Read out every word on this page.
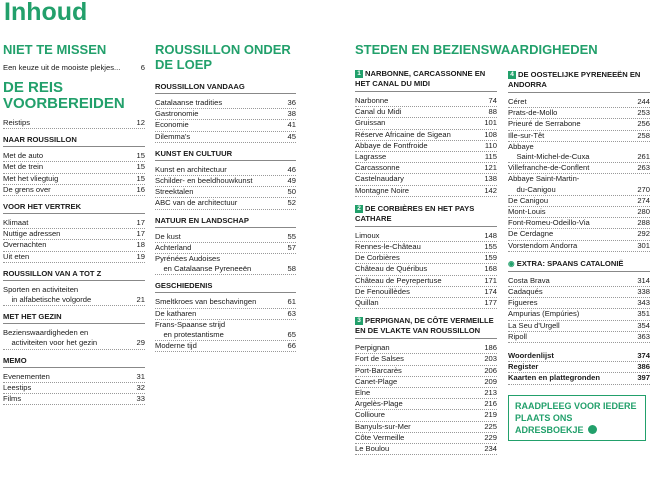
Inhoud
NIET TE MISSEN
Een keuze uit de mooiste plekjes...	6
DE REIS VOORBEREIDEN
Reistips	12
NAAR ROUSSILLON
Met de auto	15
Met de trein	15
Met het vliegtuig	15
De grens over	16
VOOR HET VERTREK
Klimaat	17
Nuttige adressen	17
Overnachten	18
Uit eten	19
ROUSSILLON VAN A TOT Z
Sporten en activiteiten
in alfabetische volgorde	21
MET HET GEZIN
Bezienswaardigheden en
activiteiten voor het gezin	29
MEMO
Evenementen	31
Leestips	32
Films	33
ROUSSILLON ONDER DE LOEP
ROUSSILLON VANDAAG
Catalaanse tradities	36
Gastronomie	38
Economie	41
Dilemma's	45
KUNST EN CULTUUR
Kunst en architectuur	46
Schilder- en beeldhouwkunst	49
Streektalen	50
ABC van de architectuur	52
NATUUR EN LANDSCHAP
De kust	55
Achterland	57
Pyrénées Audoises
en Catalaanse Pyreneeën	58
GESCHIEDENIS
Smeltkroes van beschavingen	61
De katharen	63
Frans-Spaanse strijd
en protestantisme	65
Moderne tijd	66
STEDEN EN BEZIENSWAARDIGHEDEN
1 NARBONNE, CARCASSONNE EN HET CANAL DU MIDI
Narbonne	74
Canal du Midi	88
Gruissan	101
Réserve Africaine de Sigean	108
Abbaye de Fontfroide	110
Lagrasse	115
Carcassonne	121
Castelnaudary	138
Montagne Noire	142
2 DE CORBIÈRES EN HET PAYS CATHARE
Limoux	148
Rennes-le-Château	155
De Corbières	159
Château de Quéribus	168
Château de Peyrepertuse	171
De Fenouillèdes	174
Quillan	177
3 PERPIGNAN, DE CÔTE VERMEILLE EN DE VLAKTE VAN ROUSSILLON
Perpignan	186
Fort de Salses	203
Port-Barcarès	206
Canet-Plage	209
Elne	213
Argelès-Plage	216
Collioure	219
Banyuls-sur-Mer	225
Côte Vermeille	229
Le Boulou	234
4 DE OOSTELIJKE PYRENEEËN EN ANDORRA
Céret	244
Prats-de-Mollo	253
Prieuré de Serrabone	256
Ille-sur-Têt	258
Abbaye
Saint-Michel-de-Cuxa	261
Villefranche-de-Conflent	263
Abbaye Saint-Martin-
du-Canigou	270
De Canigou	274
Mont-Louis	280
Font-Romeu-Odeillo-Via	288
De Cerdagne	292
Vorstendom Andorra	301
◉ EXTRA: SPAANS CATALONIË
Costa Brava	314
Cadaqués	338
Figueres	343
Ampurias (Empúries)	351
La Seu d'Urgell	354
Ripoll	363
Woordenlijst	374
Register	386
Kaarten en plattegronden	397
RAADPLEEG VOOR IEDERE PLAATS ONS ADRESBOEKJE
